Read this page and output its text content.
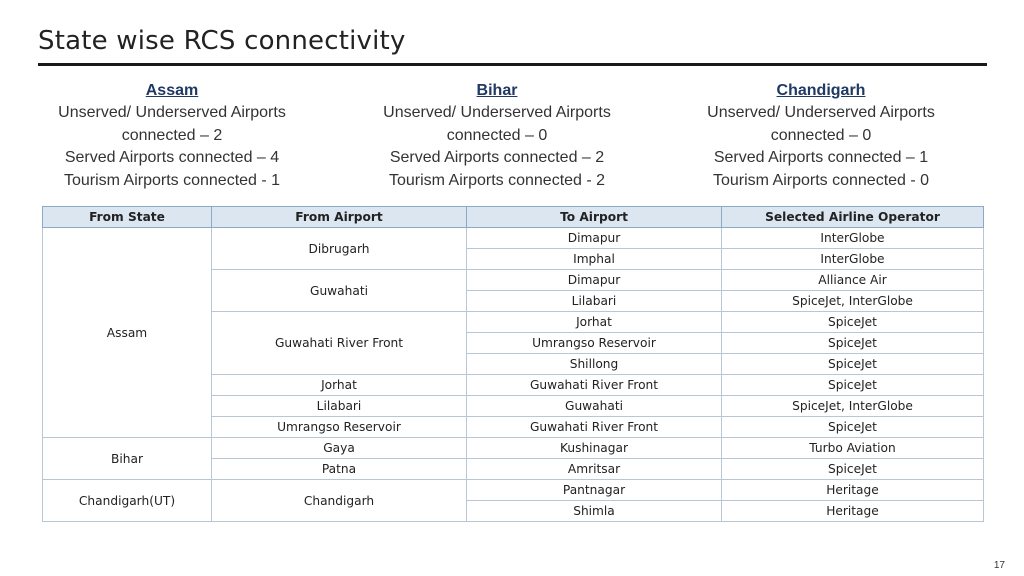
State wise RCS connectivity
Assam
Unserved/ Underserved Airports
connected – 2
Served Airports connected – 4
Tourism Airports connected - 1
Bihar
Unserved/ Underserved Airports
connected – 0
Served Airports connected – 2
Tourism Airports connected - 2
Chandigarh
Unserved/ Underserved Airports
connected – 0
Served Airports connected – 1
Tourism Airports connected - 0
From State	From Airport	To Airport	Selected Airline Operator
Assam	Dibrugarh	Dimapur	InterGlobe
		Imphal	InterGlobe
	Guwahati	Dimapur	Alliance Air
		Lilabari	SpiceJet, InterGlobe
	Guwahati River Front	Jorhat	SpiceJet
		Umrangso Reservoir	SpiceJet
		Shillong	SpiceJet
	Jorhat	Guwahati River Front	SpiceJet
	Lilabari	Guwahati	SpiceJet, InterGlobe
	Umrangso Reservoir	Guwahati River Front	SpiceJet
Bihar	Gaya	Kushinagar	Turbo Aviation
	Patna	Amritsar	SpiceJet
Chandigarh(UT)	Chandigarh	Pantnagar	Heritage
		Shimla	Heritage
17
